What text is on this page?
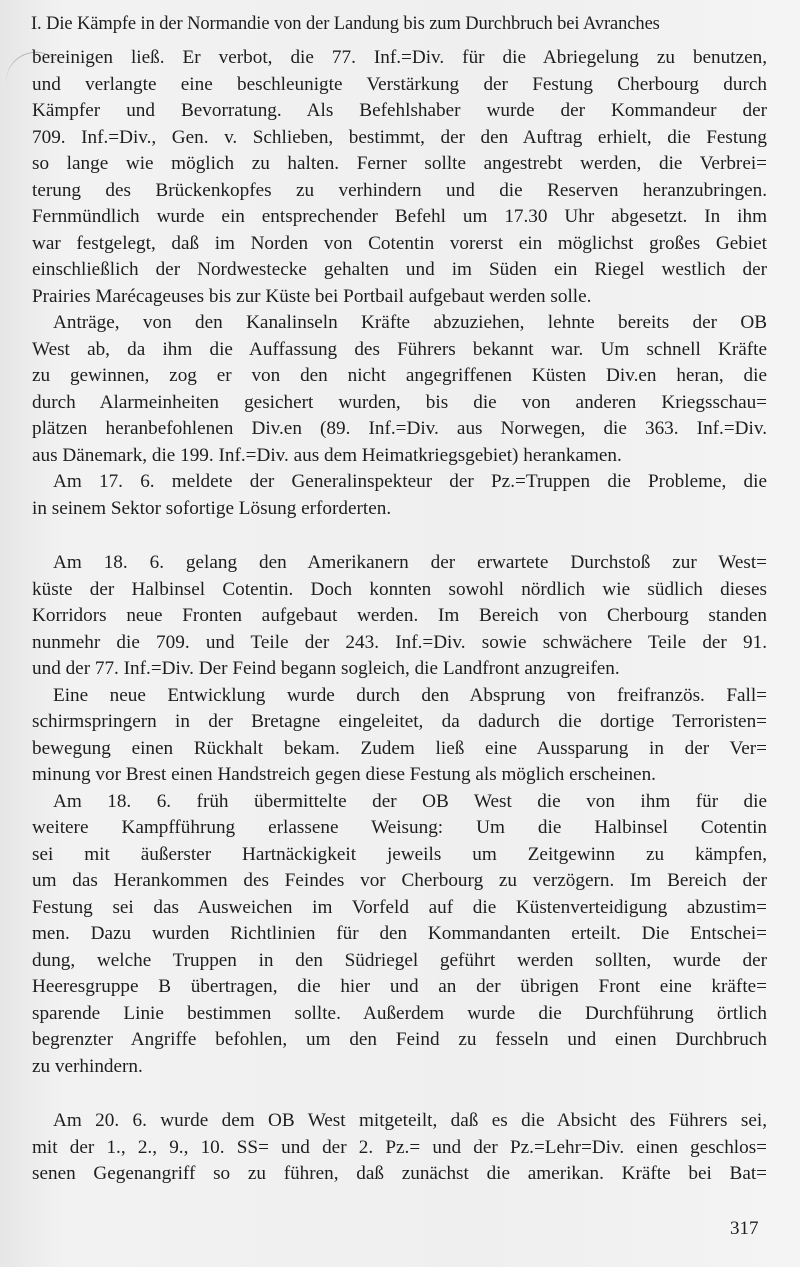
I. Die Kämpfe in der Normandie von der Landung bis zum Durchbruch bei Avranches
bereinigen ließ. Er verbot, die 77. Inf.=Div. für die Abriegelung zu benutzen,
und verlangte eine beschleunigte Verstärkung der Festung Cherbourg durch
Kämpfer und Bevorratung. Als Befehlshaber wurde der Kommandeur der
709. Inf.=Div., Gen. v. Schlieben, bestimmt, der den Auftrag erhielt, die Festung
so lange wie möglich zu halten. Ferner sollte angestrebt werden, die Verbrei=
terung des Brückenkopfes zu verhindern und die Reserven heranzubringen.
Fernmündlich wurde ein entsprechender Befehl um 17.30 Uhr abgesetzt. In ihm
war festgelegt, daß im Norden von Cotentin vorerst ein möglichst großes Gebiet
einschließlich der Nordwestecke gehalten und im Süden ein Riegel westlich der
Prairies Marécageuses bis zur Küste bei Portbail aufgebaut werden solle.
Anträge, von den Kanalinseln Kräfte abzuziehen, lehnte bereits der OB
West ab, da ihm die Auffassung des Führers bekannt war. Um schnell Kräfte
zu gewinnen, zog er von den nicht angegriffenen Küsten Div.en heran, die
durch Alarmeinheiten gesichert wurden, bis die von anderen Kriegsschau=
plätzen heranbefohlenen Div.en (89. Inf.=Div. aus Norwegen, die 363. Inf.=Div.
aus Dänemark, die 199. Inf.=Div. aus dem Heimatkriegsgebiet) herankamen.
Am 17. 6. meldete der Generalinspekteur der Pz.=Truppen die Probleme, die
in seinem Sektor sofortige Lösung erforderten.
Am 18. 6. gelang den Amerikanern der erwartete Durchstoß zur West=
küste der Halbinsel Cotentin. Doch konnten sowohl nördlich wie südlich dieses
Korridors neue Fronten aufgebaut werden. Im Bereich von Cherbourg standen
nunmehr die 709. und Teile der 243. Inf.=Div. sowie schwächere Teile der 91.
und der 77. Inf.=Div. Der Feind begann sogleich, die Landfront anzugreifen.
Eine neue Entwicklung wurde durch den Absprung von freifranzös. Fall=
schirmspringern in der Bretagne eingeleitet, da dadurch die dortige Terroristen=
bewegung einen Rückhalt bekam. Zudem ließ eine Aussparung in der Ver=
minung vor Brest einen Handstreich gegen diese Festung als möglich erscheinen.
Am 18. 6. früh übermittelte der OB West die von ihm für die
weitere Kampfführung erlassene Weisung: Um die Halbinsel Cotentin
sei mit äußerster Hartnäckigkeit jeweils um Zeitgewinn zu kämpfen,
um das Herankommen des Feindes vor Cherbourg zu verzögern. Im Bereich der
Festung sei das Ausweichen im Vorfeld auf die Küstenverteidigung abzustim=
men. Dazu wurden Richtlinien für den Kommandanten erteilt. Die Entschei=
dung, welche Truppen in den Südriegel geführt werden sollten, wurde der
Heeresgruppe B übertragen, die hier und an der übrigen Front eine kräfte=
sparende Linie bestimmen sollte. Außerdem wurde die Durchführung örtlich
begrenzter Angriffe befohlen, um den Feind zu fesseln und einen Durchbruch
zu verhindern.
Am 20. 6. wurde dem OB West mitgeteilt, daß es die Absicht des Führers sei,
mit der 1., 2., 9., 10. SS= und der 2. Pz.= und der Pz.=Lehr=Div. einen geschlos=
senen Gegenangriff so zu führen, daß zunächst die amerikan. Kräfte bei Bat=
317
